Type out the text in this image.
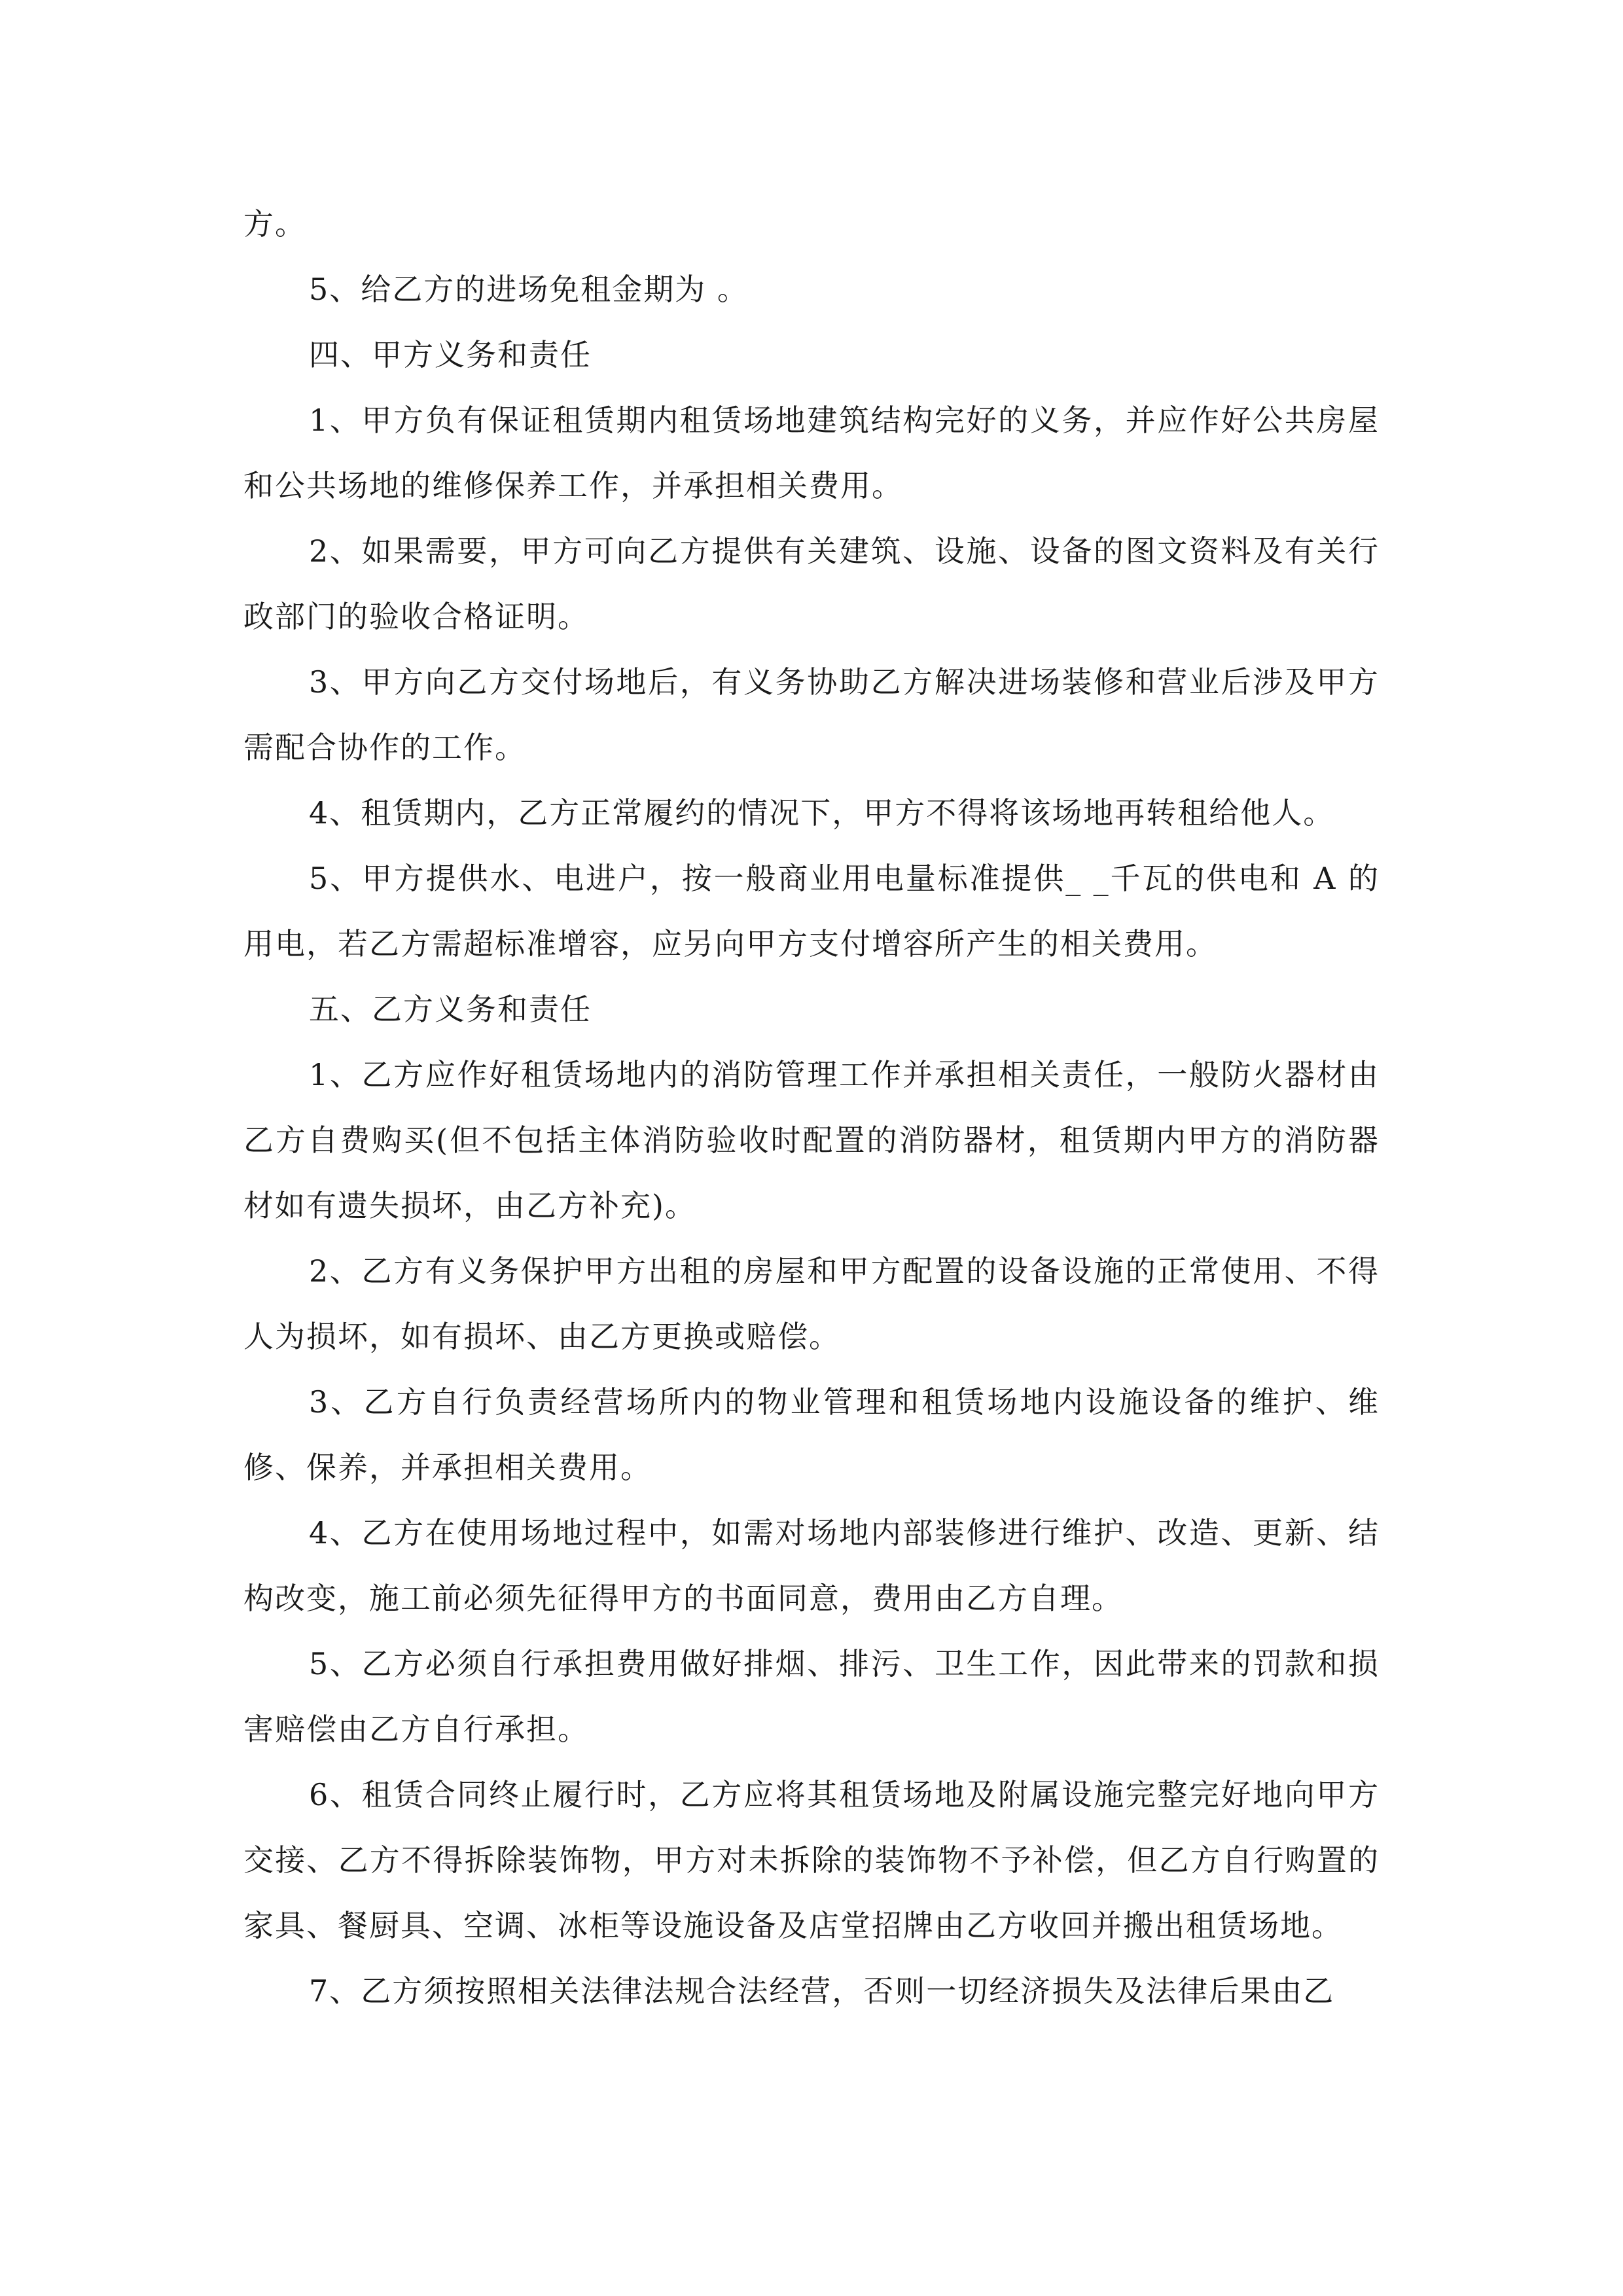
方。

5、给乙方的进场免租金期为 。

四、甲方义务和责任

1、甲方负有保证租赁期内租赁场地建筑结构完好的义务，并应作好公共房屋和公共场地的维修保养工作，并承担相关费用。

2、如果需要，甲方可向乙方提供有关建筑、设施、设备的图文资料及有关行政部门的验收合格证明。

3、甲方向乙方交付场地后，有义务协助乙方解决进场装修和营业后涉及甲方需配合协作的工作。

4、租赁期内，乙方正常履约的情况下，甲方不得将该场地再转租给他人。

5、甲方提供水、电进户，按一般商业用电量标准提供_ _千瓦的供电和 A 的用电，若乙方需超标准增容，应另向甲方支付增容所产生的相关费用。

五、乙方义务和责任

1、乙方应作好租赁场地内的消防管理工作并承担相关责任，一般防火器材由乙方自费购买(但不包括主体消防验收时配置的消防器材，租赁期内甲方的消防器材如有遗失损坏，由乙方补充)。

2、乙方有义务保护甲方出租的房屋和甲方配置的设备设施的正常使用、不得人为损坏，如有损坏、由乙方更换或赔偿。

3、乙方自行负责经营场所内的物业管理和租赁场地内设施设备的维护、维修、保养，并承担相关费用。

4、乙方在使用场地过程中，如需对场地内部装修进行维护、改造、更新、结构改变，施工前必须先征得甲方的书面同意，费用由乙方自理。

5、乙方必须自行承担费用做好排烟、排污、卫生工作，因此带来的罚款和损害赔偿由乙方自行承担。

6、租赁合同终止履行时，乙方应将其租赁场地及附属设施完整完好地向甲方交接、乙方不得拆除装饰物，甲方对未拆除的装饰物不予补偿，但乙方自行购置的家具、餐厨具、空调、冰柜等设施设备及店堂招牌由乙方收回并搬出租赁场地。

7、乙方须按照相关法律法规合法经营，否则一切经济损失及法律后果由乙
